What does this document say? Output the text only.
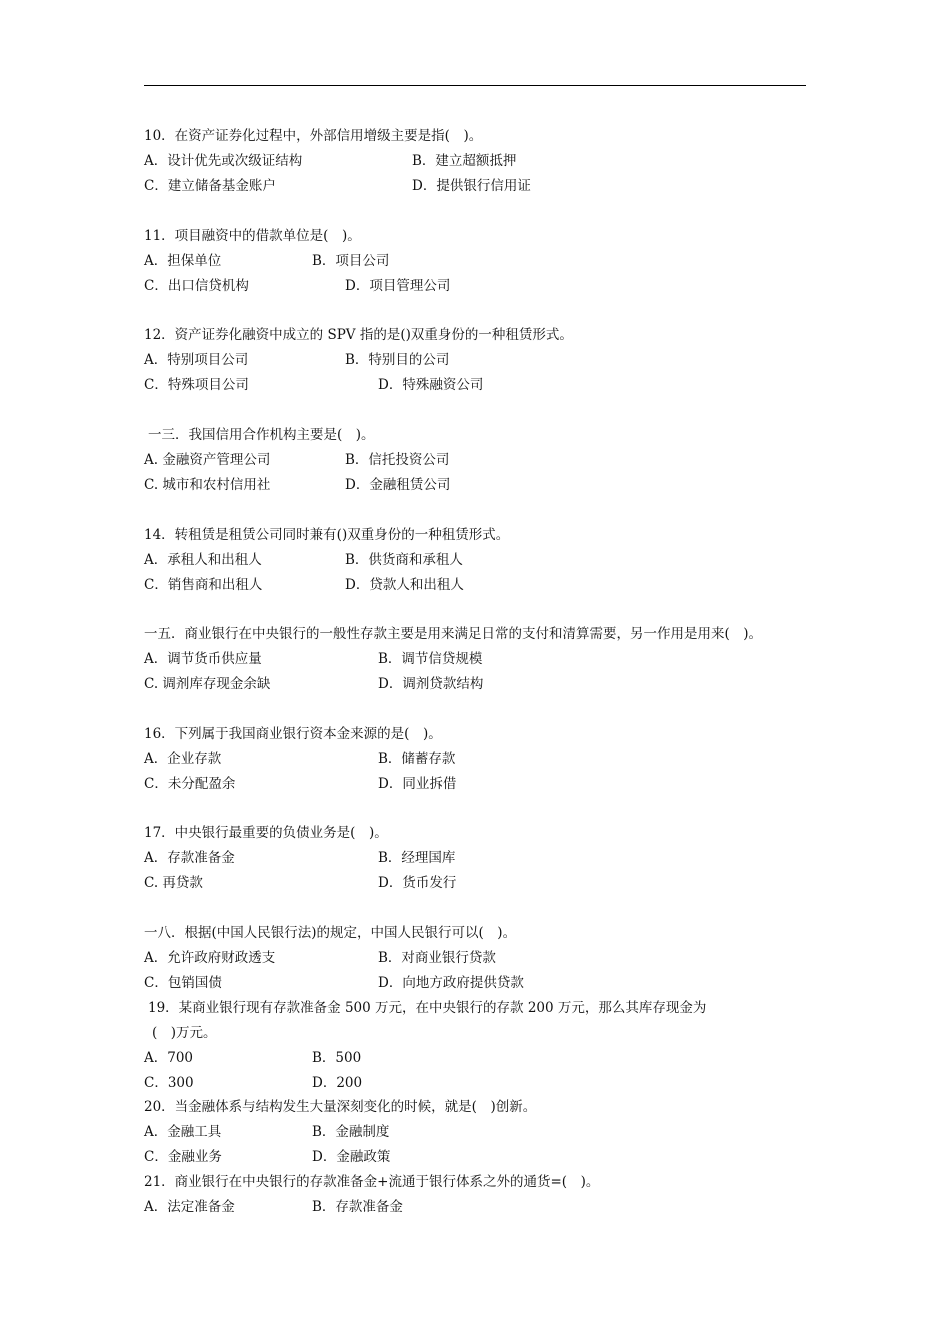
10．在资产证券化过程中，外部信用增级主要是指(　)。
A．设计优先或次级证结构	B．建立超额抵押
C．建立储备基金账户	D．提供银行信用证
11．项目融资中的借款单位是(　)。
A．担保单位	B．项目公司
C．出口信贷机构	D．项目管理公司
12．资产证券化融资中成立的 SPV 指的是()双重身份的一种租赁形式。
A．特别项目公司	B．特别目的公司
C．特殊项目公司	D．特殊融资公司
一三．我国信用合作机构主要是(　)。
A. 金融资产管理公司	B．信托投资公司
C. 城市和农村信用社	D．金融租赁公司
14．转租赁是租赁公司同时兼有()双重身份的一种租赁形式。
A．承租人和出租人	B．供货商和承租人
C．销售商和出租人	D．贷款人和出租人
一五．商业银行在中央银行的一般性存款主要是用来满足日常的支付和清算需要，另一作用是用来(　)。
A．调节货币供应量	B．调节信贷规模
C. 调剂库存现金余缺	D．调剂贷款结构
16．下列属于我国商业银行资本金来源的是(　)。
A．企业存款	B．储蓄存款
C．未分配盈余	D．同业拆借
17．中央银行最重要的负债业务是(　)。
A．存款准备金	B．经理国库
C. 再贷款	D．货币发行
一八．根据(中国人民银行法)的规定，中国人民银行可以(　)。
A．允许政府财政透支	B．对商业银行贷款
C．包销国债	D．向地方政府提供贷款
19．某商业银行现有存款准备金 500 万元，在中央银行的存款 200 万元，那么其库存现金为
(　)万元。
A．700	B．500
C．300	D．200
20．当金融体系与结构发生大量深刻变化的时候，就是(　)创新。
A．金融工具	B．金融制度
C．金融业务	D．金融政策
21．商业银行在中央银行的存款准备金+流通于银行体系之外的通货=(　)。
A．法定准备金	B．存款准备金
